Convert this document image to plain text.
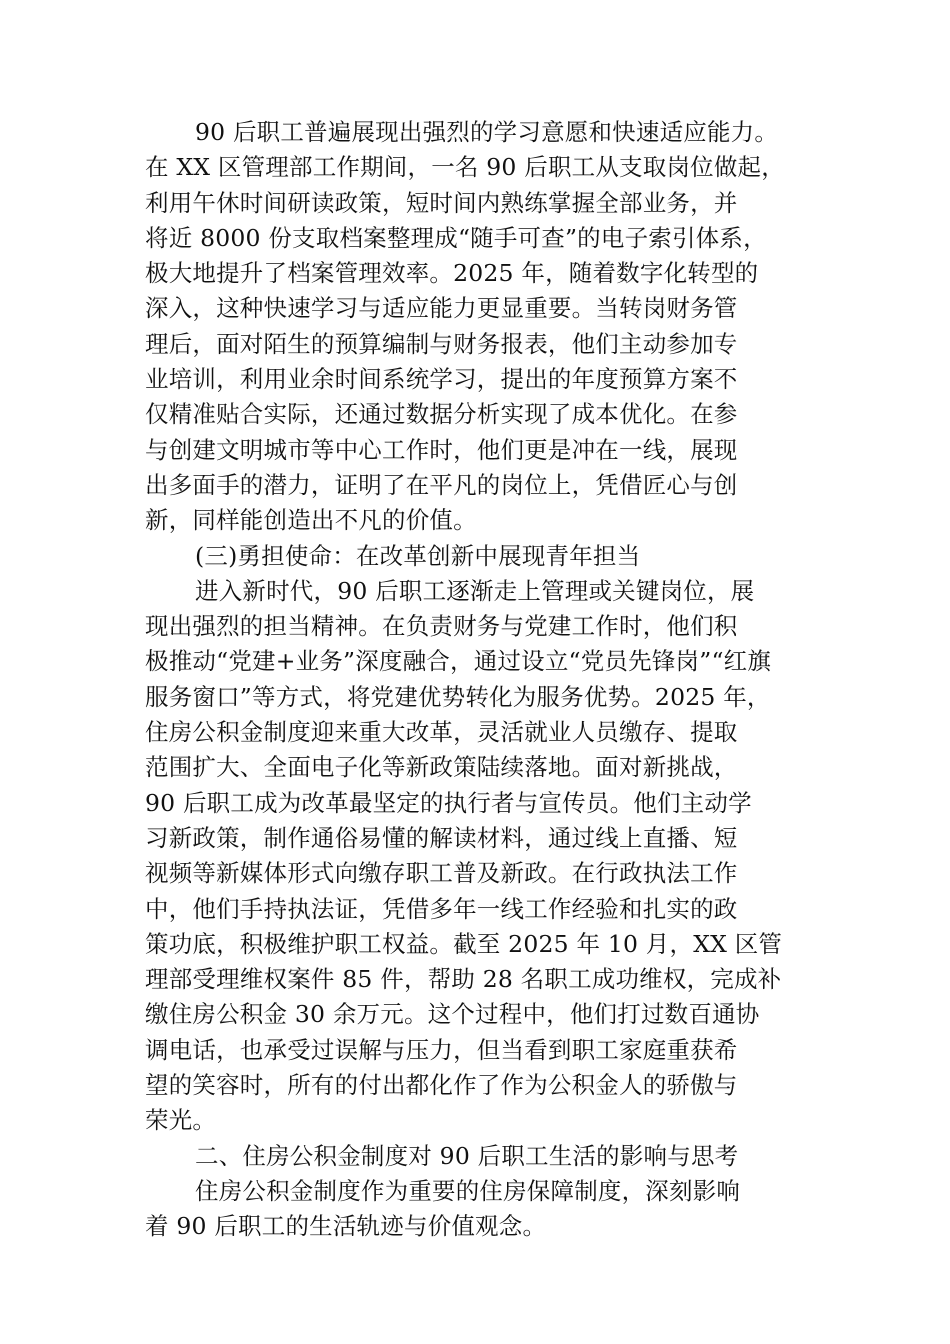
90 后职工普遍展现出强烈的学习意愿和快速适应能力。
在 XX 区管理部工作期间，一名 90 后职工从支取岗位做起，
利用午休时间研读政策，短时间内熟练掌握全部业务，并
将近 8000 份支取档案整理成“随手可查”的电子索引体系，
极大地提升了档案管理效率。2025 年，随着数字化转型的
深入，这种快速学习与适应能力更显重要。当转岗财务管
理后，面对陌生的预算编制与财务报表，他们主动参加专
业培训，利用业余时间系统学习，提出的年度预算方案不
仅精准贴合实际，还通过数据分析实现了成本优化。在参
与创建文明城市等中心工作时，他们更是冲在一线，展现
出多面手的潜力，证明了在平凡的岗位上，凭借匠心与创
新，同样能创造出不凡的价值。
(三)勇担使命：在改革创新中展现青年担当
进入新时代，90 后职工逐渐走上管理或关键岗位，展
现出强烈的担当精神。在负责财务与党建工作时，他们积
极推动“党建+业务”深度融合，通过设立“党员先锋岗”“红旗
服务窗口”等方式，将党建优势转化为服务优势。2025 年，
住房公积金制度迎来重大改革，灵活就业人员缴存、提取
范围扩大、全面电子化等新政策陆续落地。面对新挑战，
90 后职工成为改革最坚定的执行者与宣传员。他们主动学
习新政策，制作通俗易懂的解读材料，通过线上直播、短
视频等新媒体形式向缴存职工普及新政。在行政执法工作
中，他们手持执法证，凭借多年一线工作经验和扎实的政
策功底，积极维护职工权益。截至 2025 年 10 月，XX 区管
理部受理维权案件 85 件，帮助 28 名职工成功维权，完成补
缴住房公积金 30 余万元。这个过程中，他们打过数百通协
调电话，也承受过误解与压力，但当看到职工家庭重获希
望的笑容时，所有的付出都化作了作为公积金人的骄傲与
荣光。
二、住房公积金制度对 90 后职工生活的影响与思考
住房公积金制度作为重要的住房保障制度，深刻影响
着 90 后职工的生活轨迹与价值观念。
